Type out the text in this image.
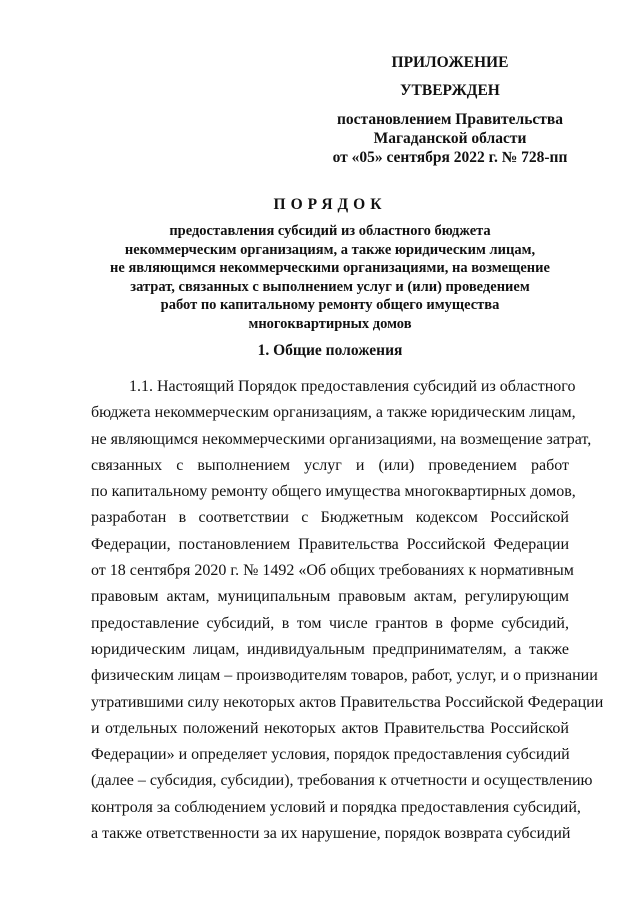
ПРИЛОЖЕНИЕ
УТВЕРЖДЕН
постановлением Правительства
Магаданской области
от «05» сентября 2022 г. № 728-пп
ПОРЯДОК
предоставления субсидий из областного бюджета
некоммерческим организациям, а также юридическим лицам,
не являющимся некоммерческими организациями, на возмещение
затрат, связанных с выполнением услуг и (или) проведением
работ по капитальному ремонту общего имущества
многоквартирных домов
1. Общие положения
1.1. Настоящий Порядок предоставления субсидий из областного
бюджета некоммерческим организациям, а также юридическим лицам,
не являющимся некоммерческими организациями, на возмещение затрат,
связанных с выполнением услуг и (или) проведением работ
по капитальному ремонту общего имущества многоквартирных домов,
разработан в соответствии с Бюджетным кодексом Российской
Федерации, постановлением Правительства Российской Федерации
от 18 сентября 2020 г. № 1492 «Об общих требованиях к нормативным
правовым актам, муниципальным правовым актам, регулирующим
предоставление субсидий, в том числе грантов в форме субсидий,
юридическим лицам, индивидуальным предпринимателям, а также
физическим лицам – производителям товаров, работ, услуг, и о признании
утратившими силу некоторых актов Правительства Российской Федерации
и отдельных положений некоторых актов Правительства Российской
Федерации» и определяет условия, порядок предоставления субсидий
(далее – субсидия, субсидии), требования к отчетности и осуществлению
контроля за соблюдением условий и порядка предоставления субсидий,
а также ответственности за их нарушение, порядок возврата субсидий
